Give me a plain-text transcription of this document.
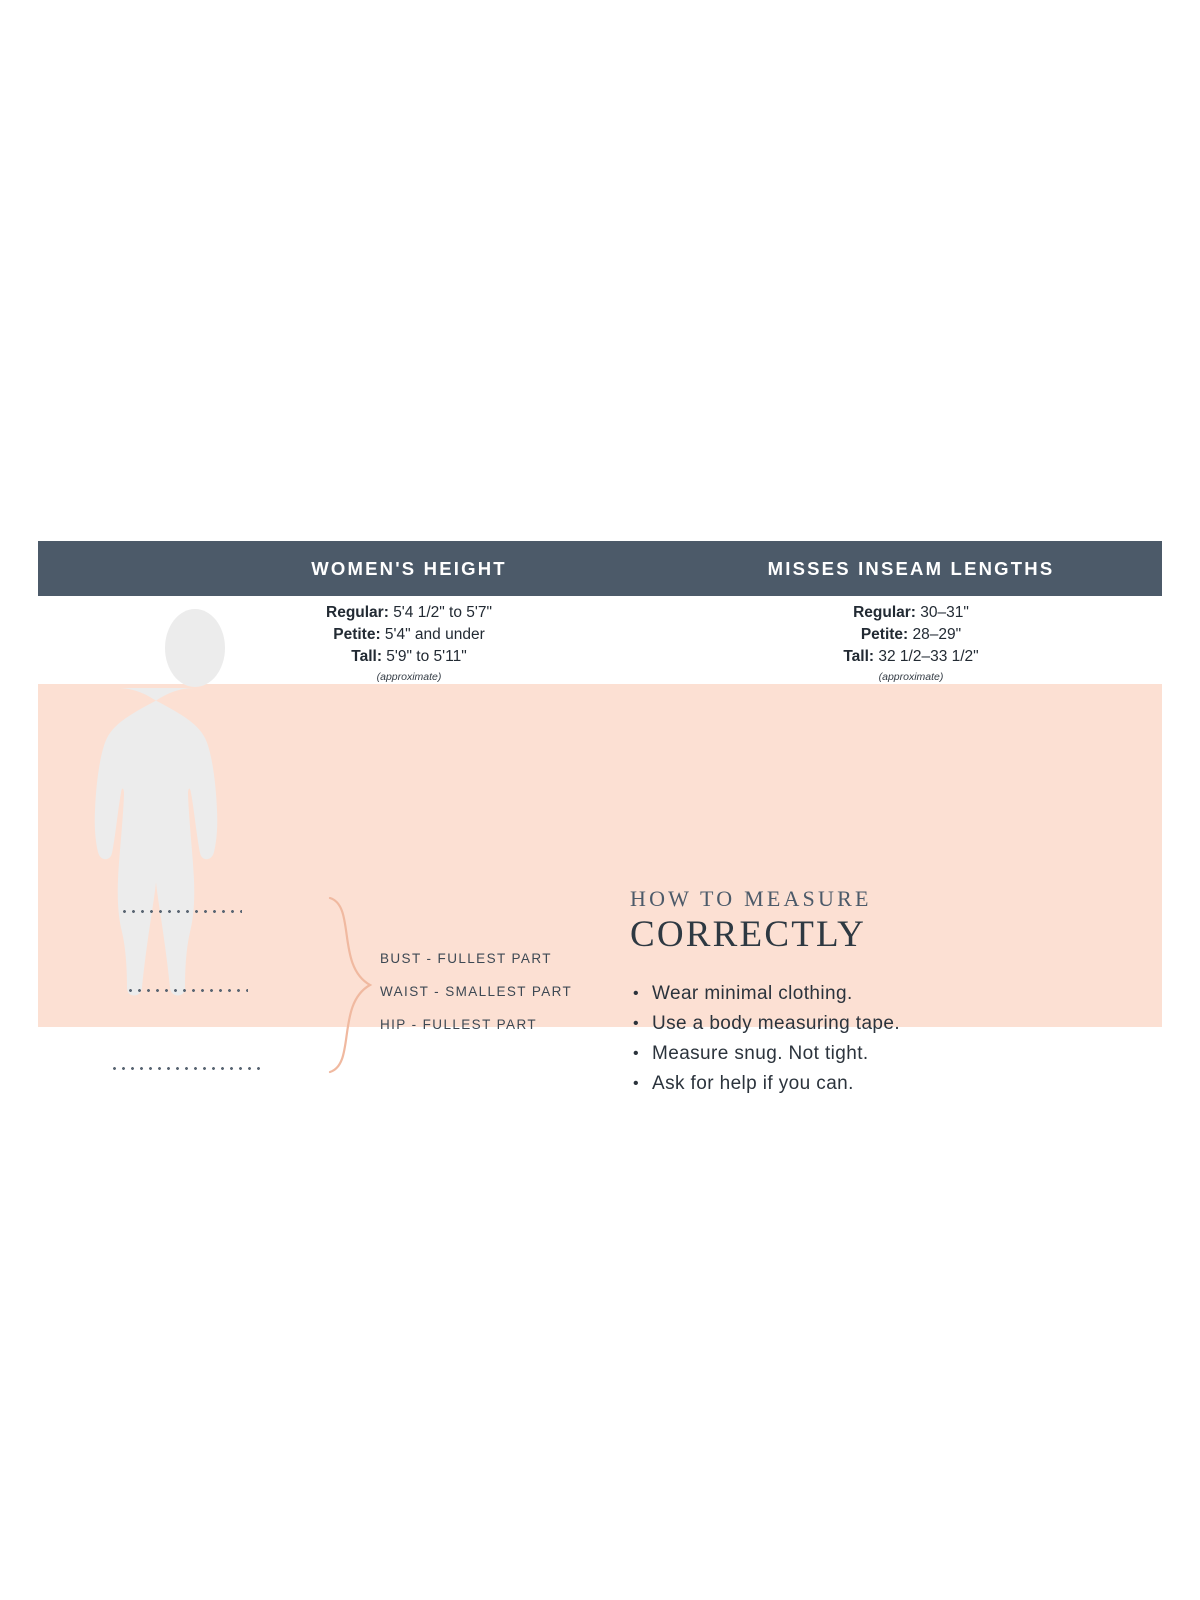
WOMEN'S HEIGHT	MISSES INSEAM LENGTHS
Regular: 5'4 1/2" to 5'7"
Petite: 5'4" and under
Tall: 5'9" to 5'11"
(approximate)
Regular: 30–31"
Petite: 28–29"
Tall: 32 1/2–33 1/2"
(approximate)
BUST - FULLEST PART
WAIST - SMALLEST PART
HIP - FULLEST PART
HOW TO MEASURE
CORRECTLY
• Wear minimal clothing.
• Use a body measuring tape.
• Measure snug. Not tight.
• Ask for help if you can.
